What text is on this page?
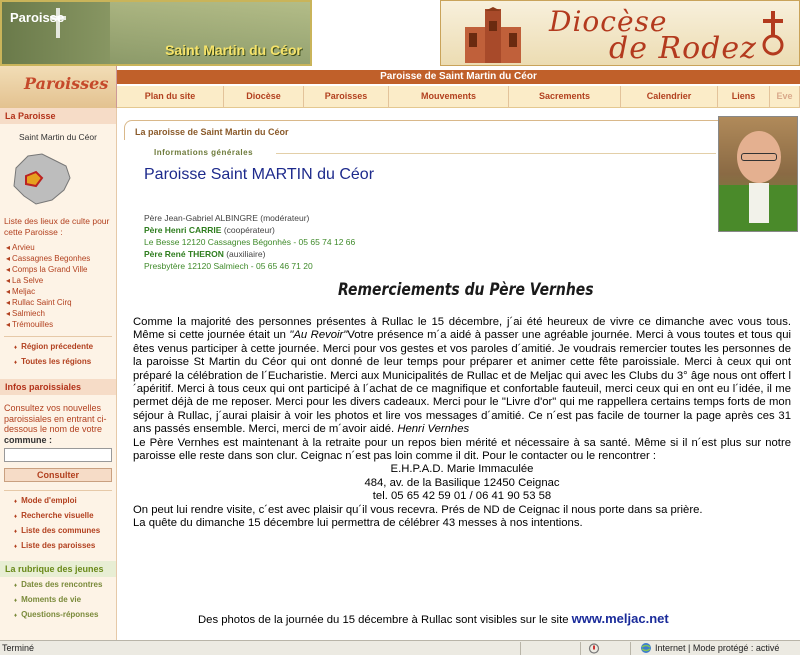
Paroisse
Saint Martin du Céor
Diocèse
de Rodez
Paroisses	Paroisse de Saint Martin du Céor
Plan du site	Diocèse	Paroisses	Mouvements	Sacrements	Calendrier	Liens	Eve
La Paroisse
Saint Martin du Céor
Liste des lieux de culte pour cette Paroisse :
◂ Arvieu
◂ Cassagnes Begonhes
◂ Comps la Grand Ville
◂ La Selve
◂ Meljac
◂ Rullac Saint Cirq
◂ Salmiech
◂ Trémouilles
♦ Région précedente
♦ Toutes les régions
Infos paroissiales
Consultez vos nouvelles paroissiales en entrant ci-dessous le nom de votre commune :
Consulter
♦ Mode d'emploi
♦ Recherche visuelle
♦ Liste des communes
♦ Liste des paroisses
La rubrique des jeunes
♦ Dates des rencontres
♦ Moments de vie
♦ Questions-réponses
La paroisse de Saint Martin du Céor
Informations générales
Paroisse Saint MARTIN du Céor
Père Jean-Gabriel ALBINGRE (modérateur)
Père Henri CARRIE (coopérateur)
Le Besse 12120 Cassagnes Bégonhès - 05 65 74 12 66
Père René THERON (auxiliaire)
Presbytère 12120 Salmiech - 05 65 46 71 20
Remerciements du Père Vernhes

Comme la majorité des personnes présentes à Rullac le 15 décembre, j´ai été heureux de vivre ce dimanche avec vous tous. Même si cette journée était un "Au Revoir"Votre présence m´a aidé à passer une agréable journée. Merci à vous toutes et tous qui êtes venus participer à cette journée. Merci pour vos gestes et vos paroles d´amitié. Je voudrais remercier toutes les personnes de la paroisse St Martin du Céor qui ont donné de leur temps pour préparer et animer cette fête paroissiale. Merci à ceux qui ont préparé la célébration de l´Eucharistie. Merci aux Municipalités de Rullac et de Meljac qui avec les Clubs du 3° âge nous ont offert l´apéritif. Merci à tous ceux qui ont participé à l´achat de ce magnifique et confortable fauteuil, merci ceux qui en ont eu l´idée, il me permet déjà de me reposer. Merci pour les divers cadeaux. Merci pour le "Livre d'or" qui me rappellera certains temps forts de mon séjour à Rullac, j´aurai plaisir à voir les photos et lire vos messages d´amitié. Ce n´est pas facile de tourner la page après ces 31 ans passés ensemble. Merci, merci de m´avoir aidé. Henri Vernhes

Le Père Vernhes est maintenant à la retraite pour un repos bien mérité et nécessaire à sa santé. Même si il n´est plus sur notre paroisse elle reste dans son clur. Ceignac n´est pas loin comme il dit. Pour le contacter ou le rencontrer :

E.H.P.A.D. Marie Immaculée

484, av. de la Basilique 12450 Ceignac

tel. 05 65 42 59 01 / 06 41 90 53 58

On peut lui rendre visite, c´est avec plaisir qu´il vous recevra. Prés de ND de Ceignac il nous porte dans sa prière.

La quête du dimanche 15 décembre lui permettra de célébrer 43 messes à nos intentions.

Des photos de la journée du 15 décembre à Rullac sont visibles sur le site www.meljac.net
Terminé	Internet | Mode protégé : activé
